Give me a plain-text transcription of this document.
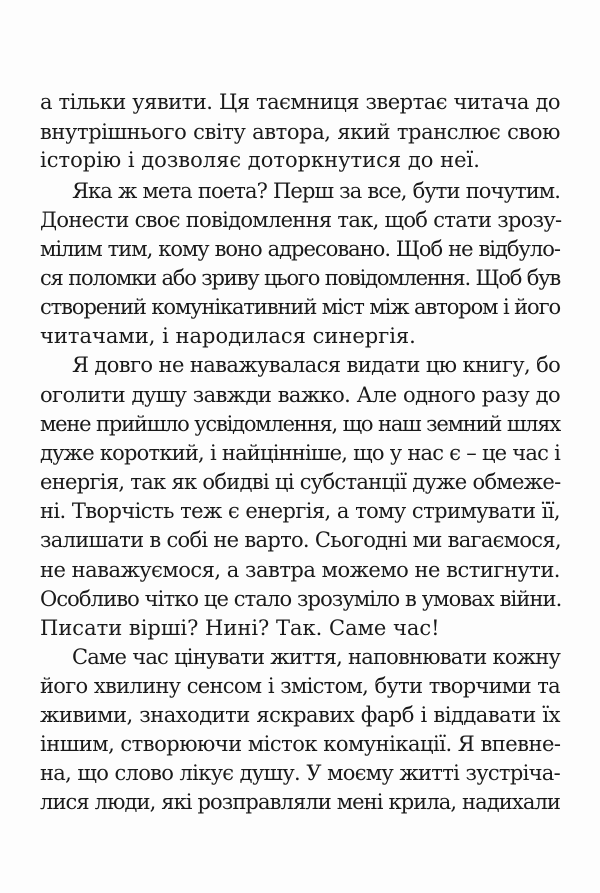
а тільки уявити. Ця таємниця звертає читача до
внутрішнього світу автора, який транслює свою
історію і дозволяє доторкнутися до неї.
Яка ж мета поета? Перш за все, бути почутим.
Донести своє повідомлення так, щоб стати зрозу-
мілим тим, кому воно адресовано. Щоб не відбуло-
ся поломки або зриву цього повідомлення. Щоб був
створений комунікативний міст між автором і його
читачами, і народилася синергія.
Я довго не наважувалася видати цю книгу, бо
оголити душу завжди важко. Але одного разу до
мене прийшло усвідомлення, що наш земний шлях
дуже короткий, і найцінніше, що у нас є – це час і
енергія, так як обидві ці субстанції дуже обмеже-
ні. Творчість теж є енергія, а тому стримувати її,
залишати в собі не варто. Сьогодні ми вагаємося,
не наважуємося, а завтра можемо не встигнути.
Особливо чітко це стало зрозуміло в умовах війни.
Писати вірші? Нині? Так. Саме час!
Саме час цінувати життя, наповнювати кожну
його хвилину сенсом і змістом, бути творчими та
живими, знаходити яскравих фарб і віддавати їх
іншим, створюючи місток комунікації. Я впевне-
на, що слово лікує душу. У моєму житті зустріча-
лися люди, які розправляли мені крила, надихали
